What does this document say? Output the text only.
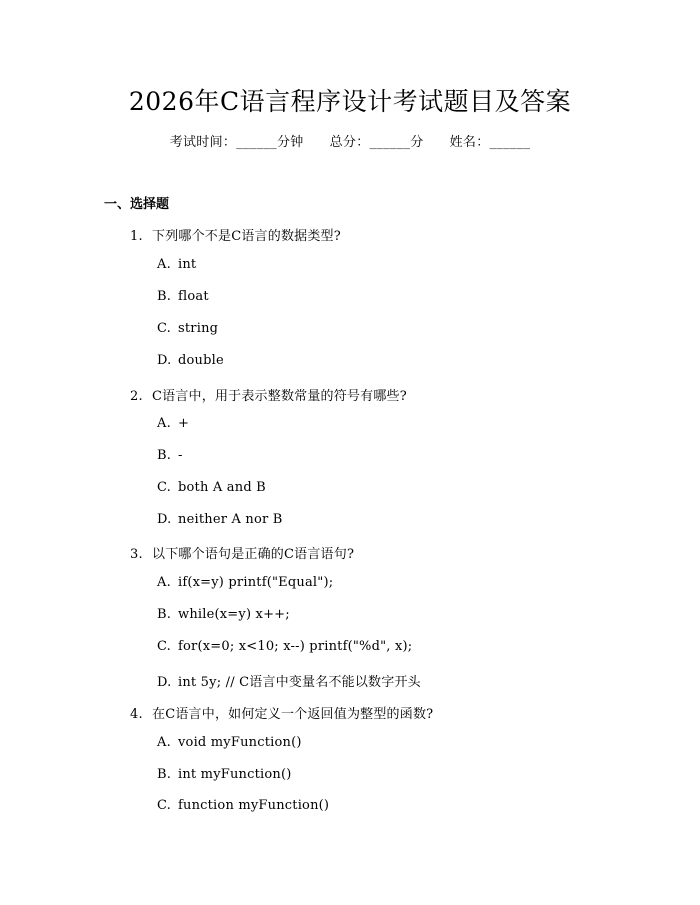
2026年C语言程序设计考试题目及答案
考试时间：______分钟 总分：______分 姓名：______
一、选择题
1. 下列哪个不是C语言的数据类型?
A. int
B. float
C. string
D. double
2. C语言中，用于表示整数常量的符号有哪些?
A. +
B. -
C. both A and B
D. neither A nor B
3. 以下哪个语句是正确的C语言语句?
A. if(x=y) printf("Equal");
B. while(x=y) x++;
C. for(x=0; x<10; x--) printf("%d", x);
D. int 5y; // C语言中变量名不能以数字开头
4. 在C语言中，如何定义一个返回值为整型的函数?
A. void myFunction()
B. int myFunction()
C. function myFunction()
